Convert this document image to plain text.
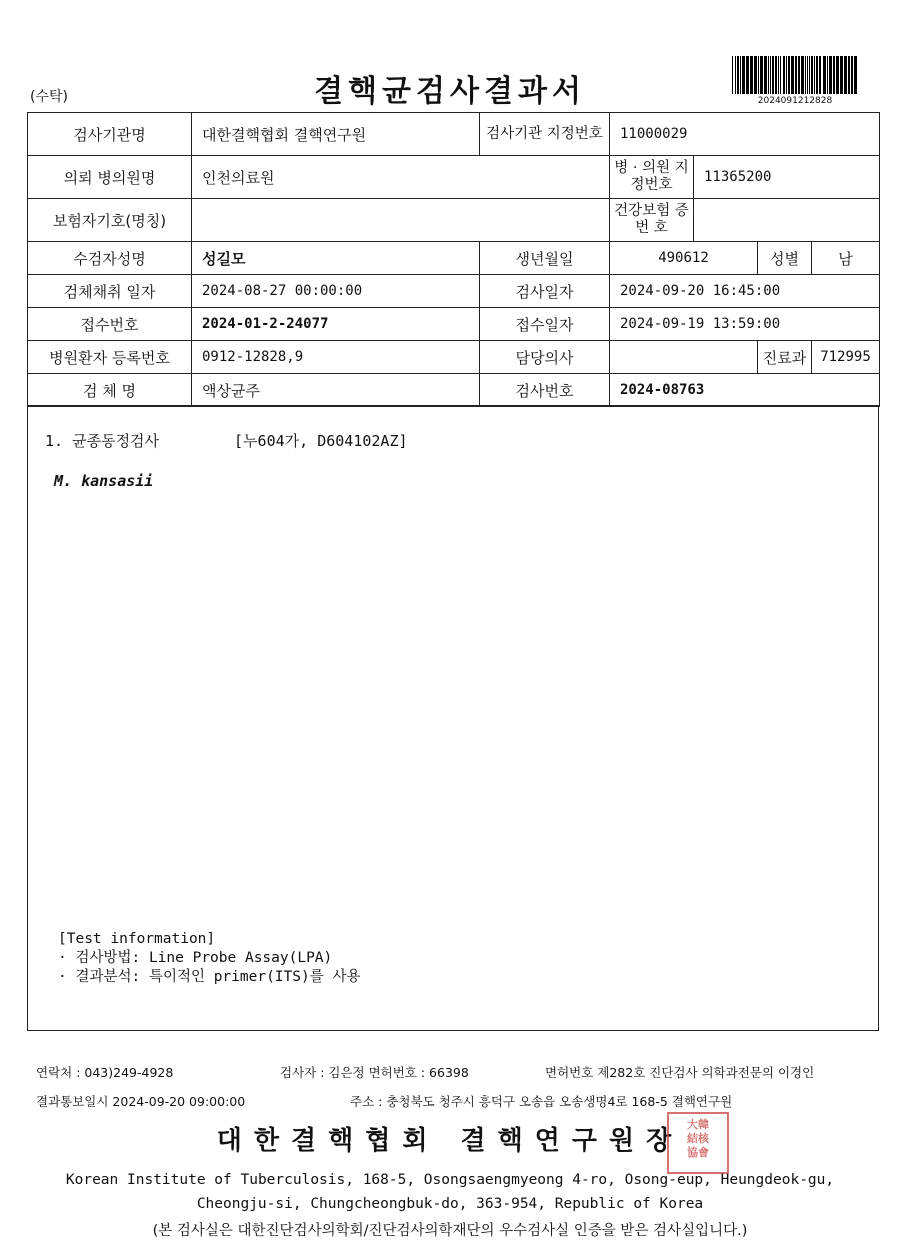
(수탁)	결핵균검사결과서	2024091212828
검사기관명	대한결핵협회 결핵연구원	검사기관 지정번호	11000029			
의뢰 병의원명	인천의료원		병 · 의원 지정번호	11365200		
보험자기호(명칭)			건강보험 증 번 호			
수검자성명	성길모	생년월일	490612		성별	남
검체채취 일자	2024-08-27 00:00:00	검사일자	2024-09-20 16:45:00			
접수번호	2024-01-2-24077	접수일자	2024-09-19 13:59:00			
병원환자 등록번호	0912-12828,9	담당의사			진료과	712995
검 체 명	액상균주	검사번호	2024-08763			
1. 균종동정검사	[누604가, D604102AZ]
M. kansasii
[Test information]
· 검사방법: Line Probe Assay(LPA)
· 결과분석: 특이적인 primer(ITS)를 사용
연락처 : 043)249-4928	검사자 : 김은정 면허번호 : 66398	면허번호 제282호 진단검사 의학과전문의 이경인
결과통보일시 2024-09-20 09:00:00	주소 : 충청북도 청주시 흥덕구 오송읍 오송생명4로 168-5 결핵연구원
대한결핵협회 결핵연구원장
大韓
結核
協會
Korean Institute of Tuberculosis, 168-5, Osongsaengmyeong 4-ro, Osong-eup, Heungdeok-gu,
Cheongju-si, Chungcheongbuk-do, 363-954, Republic of Korea
(본 검사실은 대한진단검사의학회/진단검사의학재단의 우수검사실 인증을 받은 검사실입니다.)
